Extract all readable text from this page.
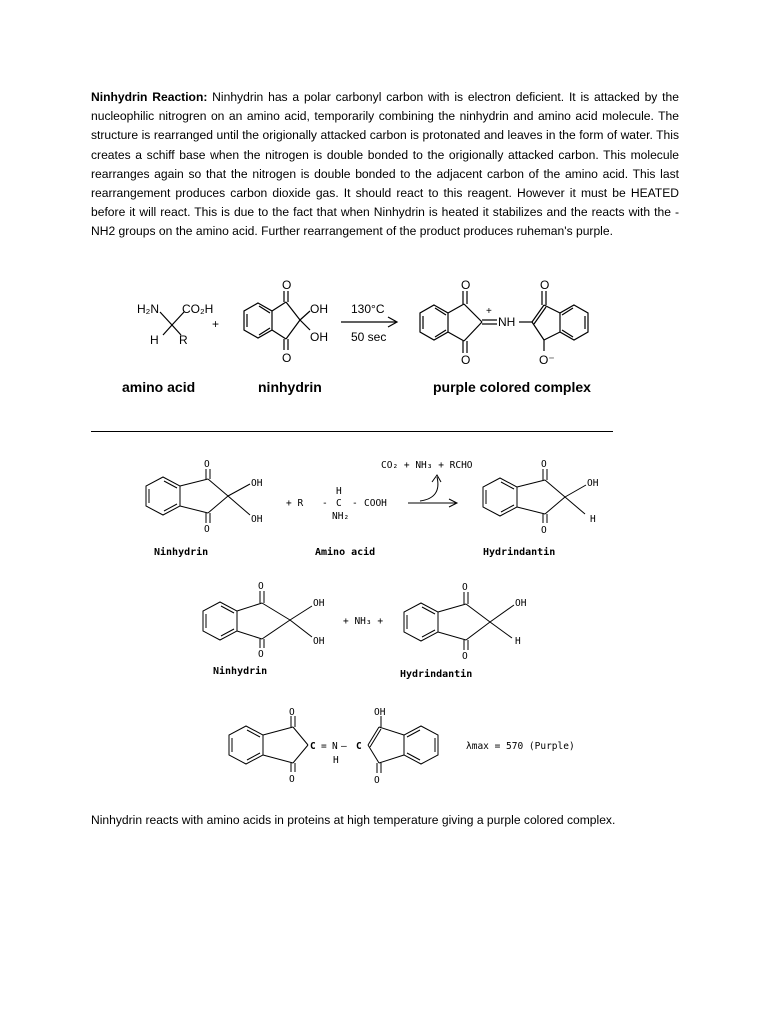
Ninhydrin Reaction: Ninhydrin has a polar carbonyl carbon with is electron deficient. It is attacked by the nucleophilic nitrogren on an amino acid, temporarily combining the ninhydrin and amino acid molecule. The structure is rearranged until the origionally attacked carbon is protonated and leaves in the form of water. This creates a schiff base when the nitrogen is double bonded to the origionally attacked carbon. This molecule rearranges again so that the nitrogen is double bonded to the adjacent carbon of the amino acid. This last rearrangement produces carbon dioxide gas. It should react to this reagent. However it must be HEATED before it will react. This is due to the fact that when Ninhydrin is heated it stabilizes and the reacts with the -NH2 groups on the amino acid. Further rearrangement of the product produces ruheman's purple.

H₂N CO₂H
H R
+
O
O
OH
OH
130°C
50 sec
O
O
+
NH
O
O⁻
amino acid	ninhydrin	purple colored complex
CO₂ + NH₃ + RCHO
O
O
OH
OH
+ R -
H
C - COOH
NH₂
O
O
OH
H
O
O
OH
OH
+ NH₃ +
O
O
OH
H
O
O
C = N — C
H
OH
O
λmax = 570 (Purple)
Ninhydrin	Amino acid	Hydrindantin
Ninhydrin	Hydrindantin

Ninhydrin reacts with amino acids in proteins at high temperature giving a purple colored complex.
